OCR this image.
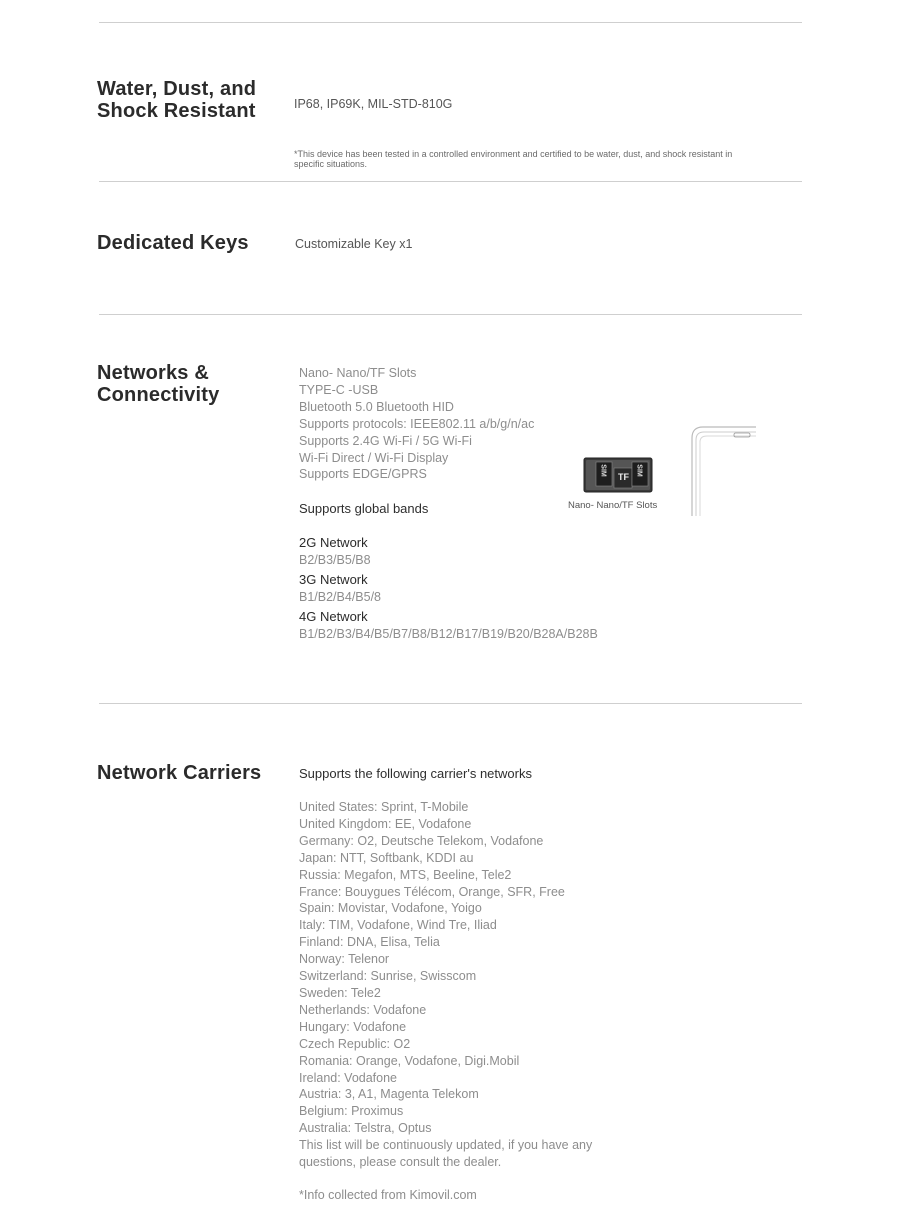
Water, Dust, and Shock Resistant	IP68, IP69K, MIL-STD-810G
*This device has been tested in a controlled environment and certified to be water, dust, and shock resistant in specific situations.
Dedicated Keys	Customizable Key x1
Networks & Connectivity
Nano- Nano/TF Slots
TYPE-C -USB
Bluetooth 5.0 Bluetooth HID
Supports protocols: IEEE802.11 a/b/g/n/ac
Supports 2.4G Wi-Fi / 5G Wi-Fi
Wi-Fi Direct / Wi-Fi Display
Supports EDGE/GPRS
Supports global bands
2G Network
B2/B3/B5/B8
3G Network
B1/B2/B4/B5/8
4G Network
B1/B2/B3/B4/B5/B7/B8/B12/B17/B19/B20/B28A/B28B
SIM
TF
SIM
Nano- Nano/TF Slots
Network Carriers	Supports the following carrier's networks
United States: Sprint, T-Mobile
United Kingdom: EE, Vodafone
Germany: O2, Deutsche Telekom, Vodafone
Japan: NTT, Softbank, KDDI au
Russia: Megafon, MTS, Beeline, Tele2
France: Bouygues Télécom, Orange, SFR, Free
Spain: Movistar, Vodafone, Yoigo
Italy: TIM, Vodafone, Wind Tre, Iliad
Finland: DNA, Elisa, Telia
Norway: Telenor
Switzerland: Sunrise, Swisscom
Sweden: Tele2
Netherlands: Vodafone
Hungary: Vodafone
Czech Republic: O2
Romania: Orange, Vodafone, Digi.Mobil
Ireland: Vodafone
Austria: 3, A1, Magenta Telekom
Belgium: Proximus
Australia: Telstra, Optus
This list will be continuously updated, if you have any
questions, please consult the dealer.
*Info collected from Kimovil.com
